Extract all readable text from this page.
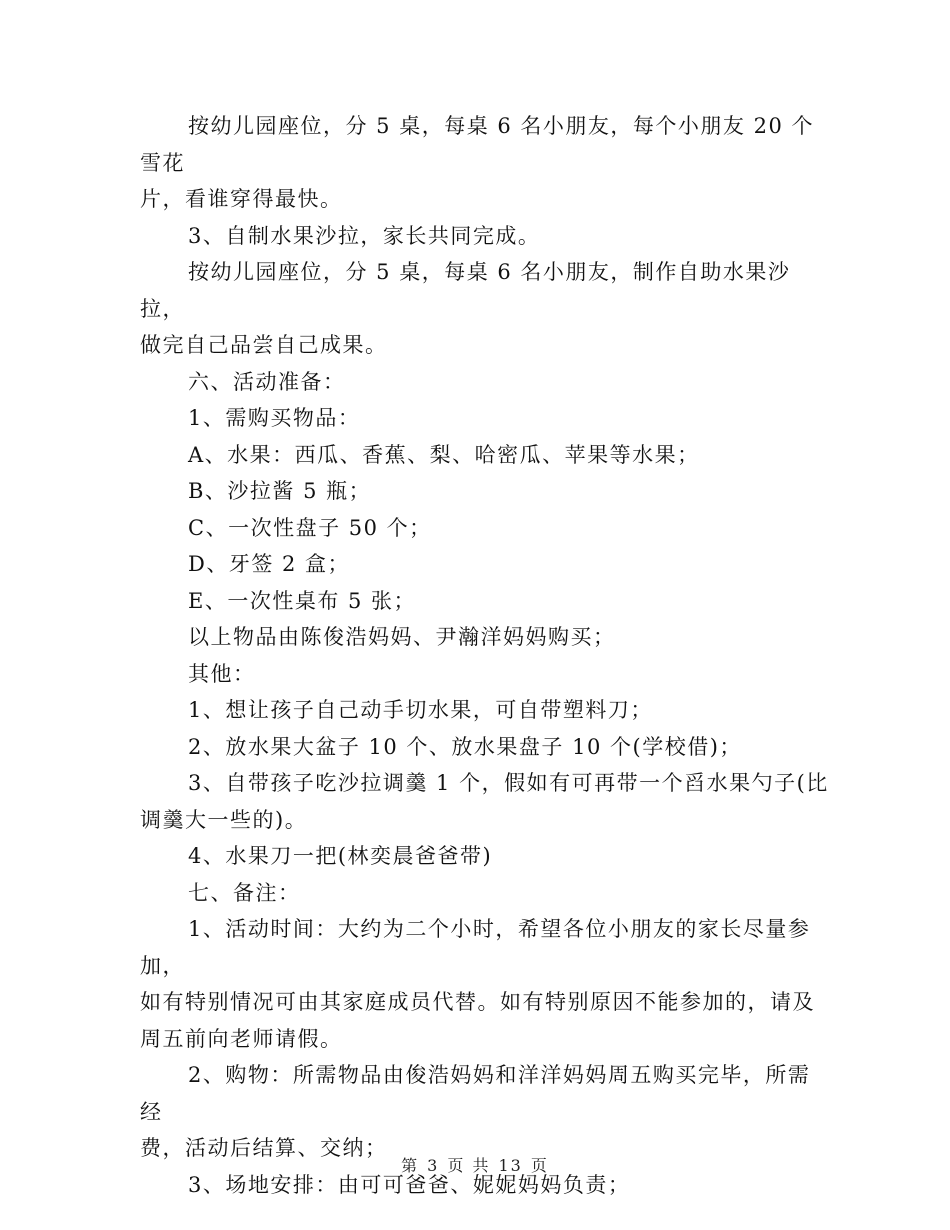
按幼儿园座位，分 5 桌，每桌 6 名小朋友，每个小朋友 20 个雪花
片，看谁穿得最快。

3、自制水果沙拉，家长共同完成。

按幼儿园座位，分 5 桌，每桌 6 名小朋友，制作自助水果沙拉，
做完自己品尝自己成果。

六、活动准备：

1、需购买物品：

A、水果：西瓜、香蕉、梨、哈密瓜、苹果等水果；

B、沙拉酱 5 瓶；

C、一次性盘子 50 个；

D、牙签 2 盒；

E、一次性桌布 5 张；

以上物品由陈俊浩妈妈、尹瀚洋妈妈购买；

其他：

1、想让孩子自己动手切水果，可自带塑料刀；

2、放水果大盆子 10 个、放水果盘子 10 个(学校借)；

3、自带孩子吃沙拉调羹 1 个，假如有可再带一个舀水果勺子(比
调羹大一些的)。

4、水果刀一把(林奕晨爸爸带)

七、备注：

1、活动时间：大约为二个小时，希望各位小朋友的家长尽量参加，
如有特别情况可由其家庭成员代替。如有特别原因不能参加的，请及
周五前向老师请假。

2、购物：所需物品由俊浩妈妈和洋洋妈妈周五购买完毕，所需经
费，活动后结算、交纳；

3、场地安排：由可可爸爸、妮妮妈妈负责；

第 3 页 共 13 页
